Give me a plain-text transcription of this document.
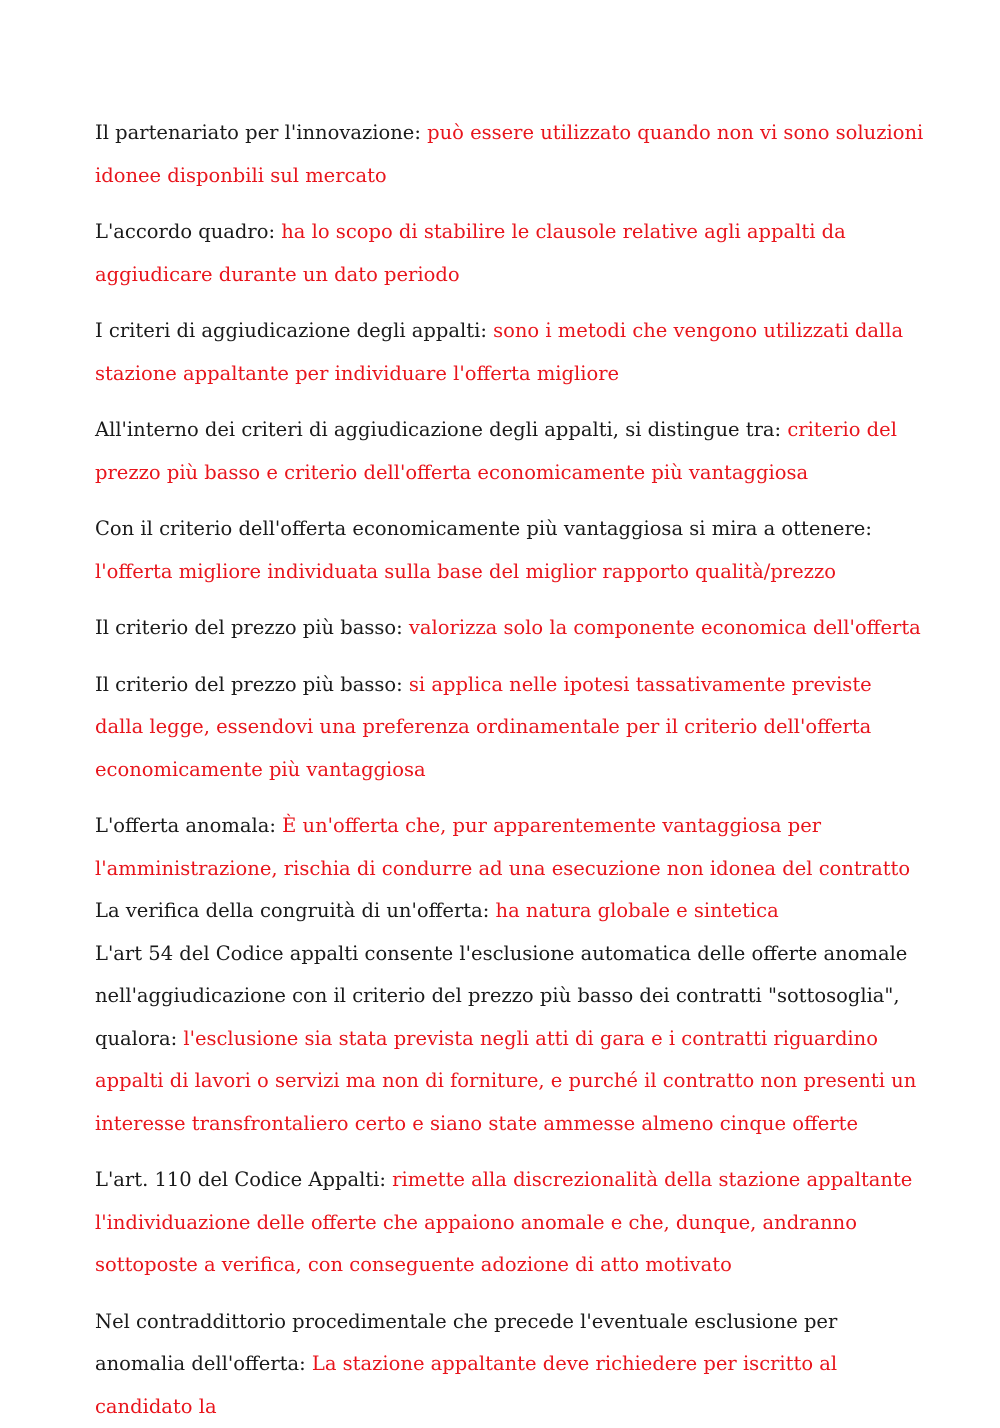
Il partenariato per l'innovazione: può essere utilizzato quando non vi sono soluzioni idonee disponbili sul mercato

L'accordo quadro: ha lo scopo di stabilire le clausole relative agli appalti da aggiudicare durante un dato periodo

I criteri di aggiudicazione degli appalti: sono i metodi che vengono utilizzati dalla stazione appaltante per individuare l'offerta migliore

All'interno dei criteri di aggiudicazione degli appalti, si distingue tra: criterio del prezzo più basso e criterio dell'offerta economicamente più vantaggiosa

Con il criterio dell'offerta economicamente più vantaggiosa si mira a ottenere: l'offerta migliore individuata sulla base del miglior rapporto qualità/prezzo

Il criterio del prezzo più basso: valorizza solo la componente economica dell'offerta

Il criterio del prezzo più basso: si applica nelle ipotesi tassativamente previste dalla legge, essendovi una preferenza ordinamentale per il criterio dell'offerta economicamente più vantaggiosa

L'offerta anomala: È un'offerta che, pur apparentemente vantaggiosa per l'amministrazione, rischia di condurre ad una esecuzione non idonea del contratto La verifica della congruità di un'offerta: ha natura globale e sintetica

L'art 54 del Codice appalti consente l'esclusione automatica delle offerte anomale nell'aggiudicazione con il criterio del prezzo più basso dei contratti "sottosoglia", qualora: l'esclusione sia stata prevista negli atti di gara e i contratti riguardino appalti di lavori o servizi ma non di forniture, e purché il contratto non presenti un interesse transfrontaliero certo e siano state ammesse almeno cinque offerte

L'art. 110 del Codice Appalti: rimette alla discrezionalità della stazione appaltante l'individuazione delle offerte che appaiono anomale e che, dunque, andranno sottoposte a verifica, con conseguente adozione di atto motivato

Nel contraddittorio procedimentale che precede l'eventuale esclusione per anomalia dell'offerta: La stazione appaltante deve richiedere per iscritto al candidato la
